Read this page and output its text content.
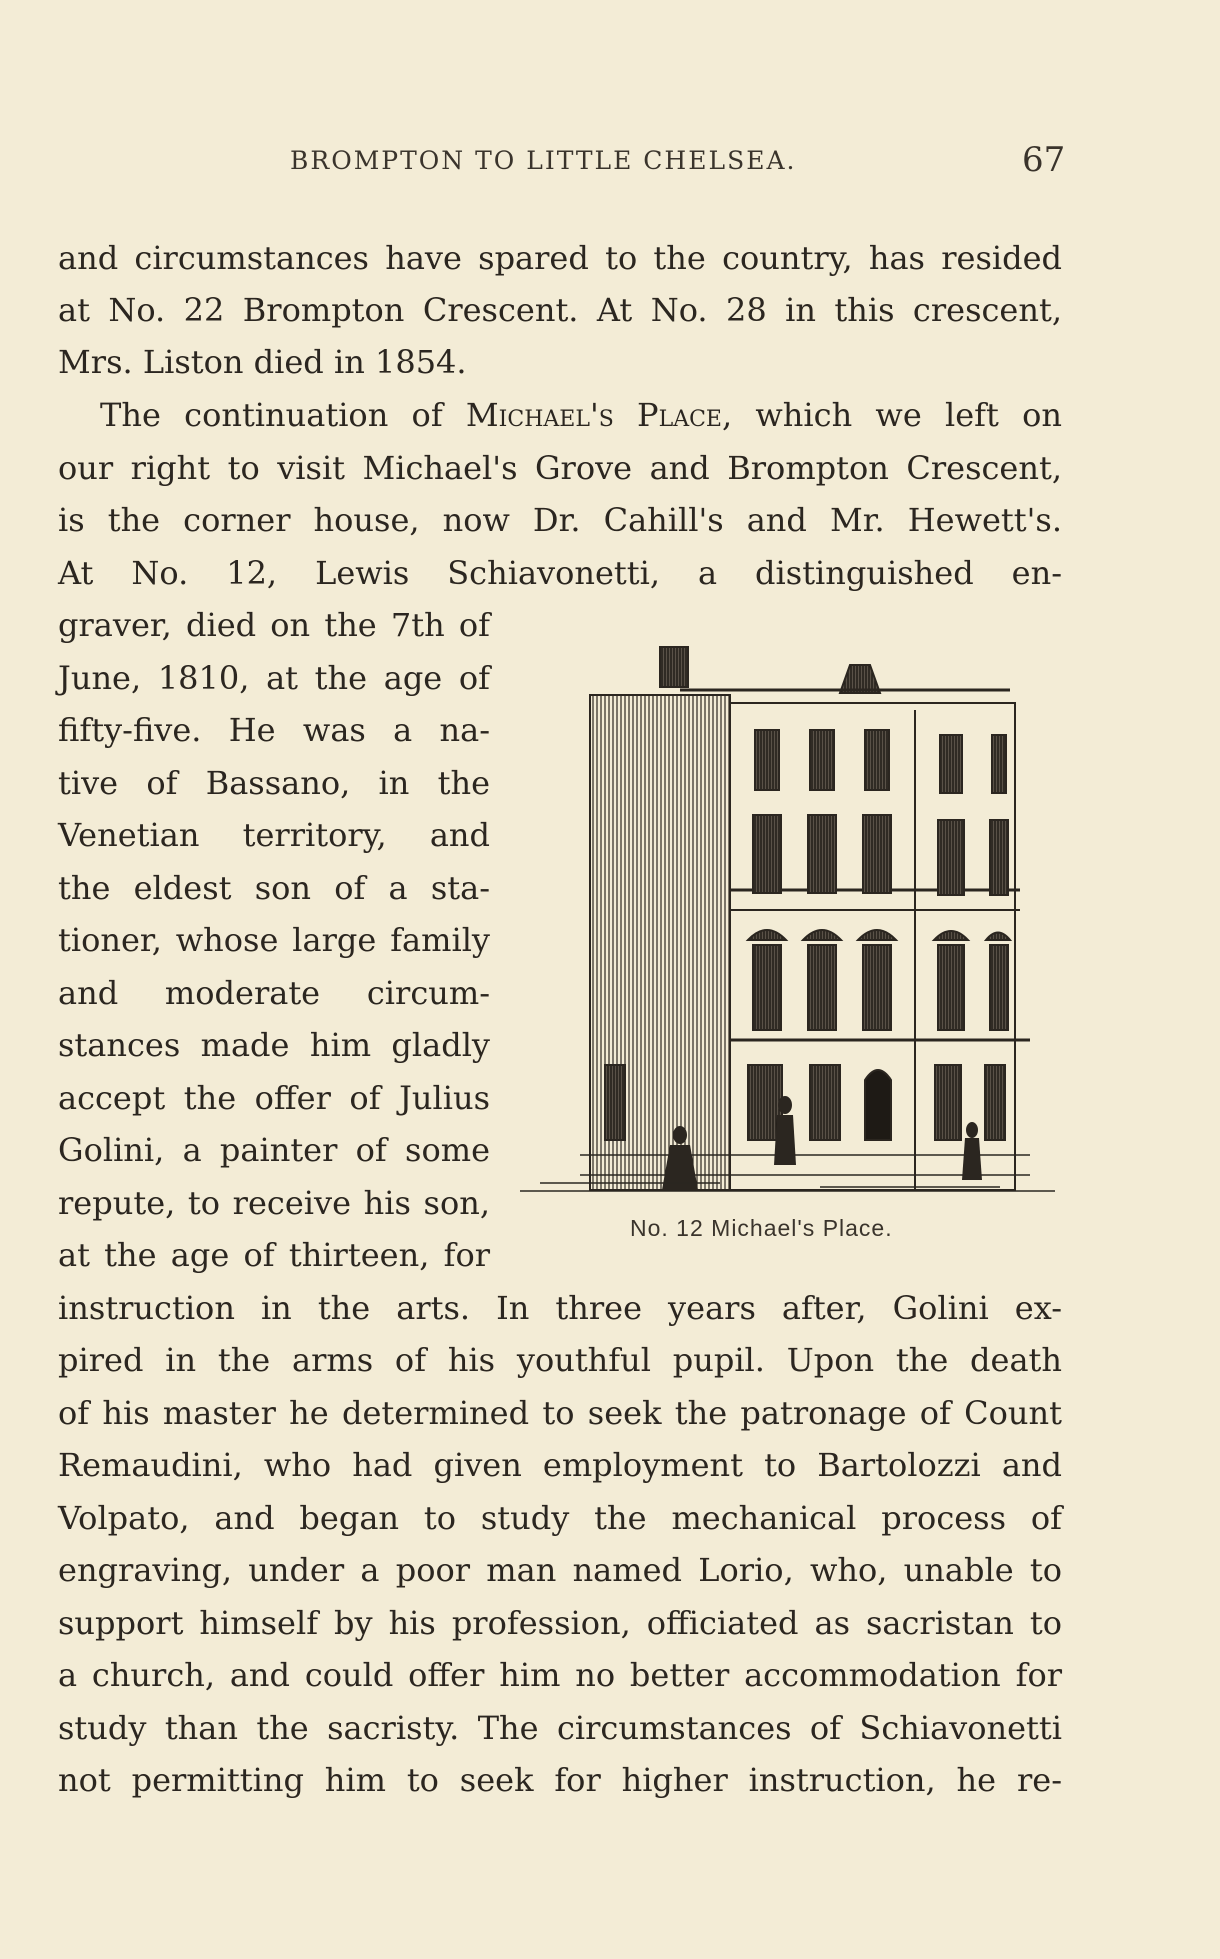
BROMPTON TO LITTLE CHELSEA.	67
and circumstances have spared to the country, has resided
at No. 22 Brompton Crescent. At No. 28 in this crescent,
Mrs. Liston died in 1854.
The continuation of Michael's Place, which we left on
our right to visit Michael's Grove and Brompton Crescent,
is the corner house, now Dr. Cahill's and Mr. Hewett's.
At No. 12, Lewis Schiavonetti, a distinguished en-
graver, died on the 7th of
June, 1810, at the age of
fifty-five. He was a na-
tive of Bassano, in the
Venetian territory, and
the eldest son of a sta-
tioner, whose large family
and moderate circum-
stances made him gladly
accept the offer of Julius
Golini, a painter of some
repute, to receive his son,
at the age of thirteen, for
instruction in the arts. In three years after, Golini ex-
pired in the arms of his youthful pupil. Upon the death
of his master he determined to seek the patronage of Count
Remaudini, who had given employment to Bartolozzi and
Volpato, and began to study the mechanical process of
engraving, under a poor man named Lorio, who, unable to
support himself by his profession, officiated as sacristan to
a church, and could offer him no better accommodation for
study than the sacristy. The circumstances of Schiavonetti
not permitting him to seek for higher instruction, he re-
No. 12 Michael's Place.
